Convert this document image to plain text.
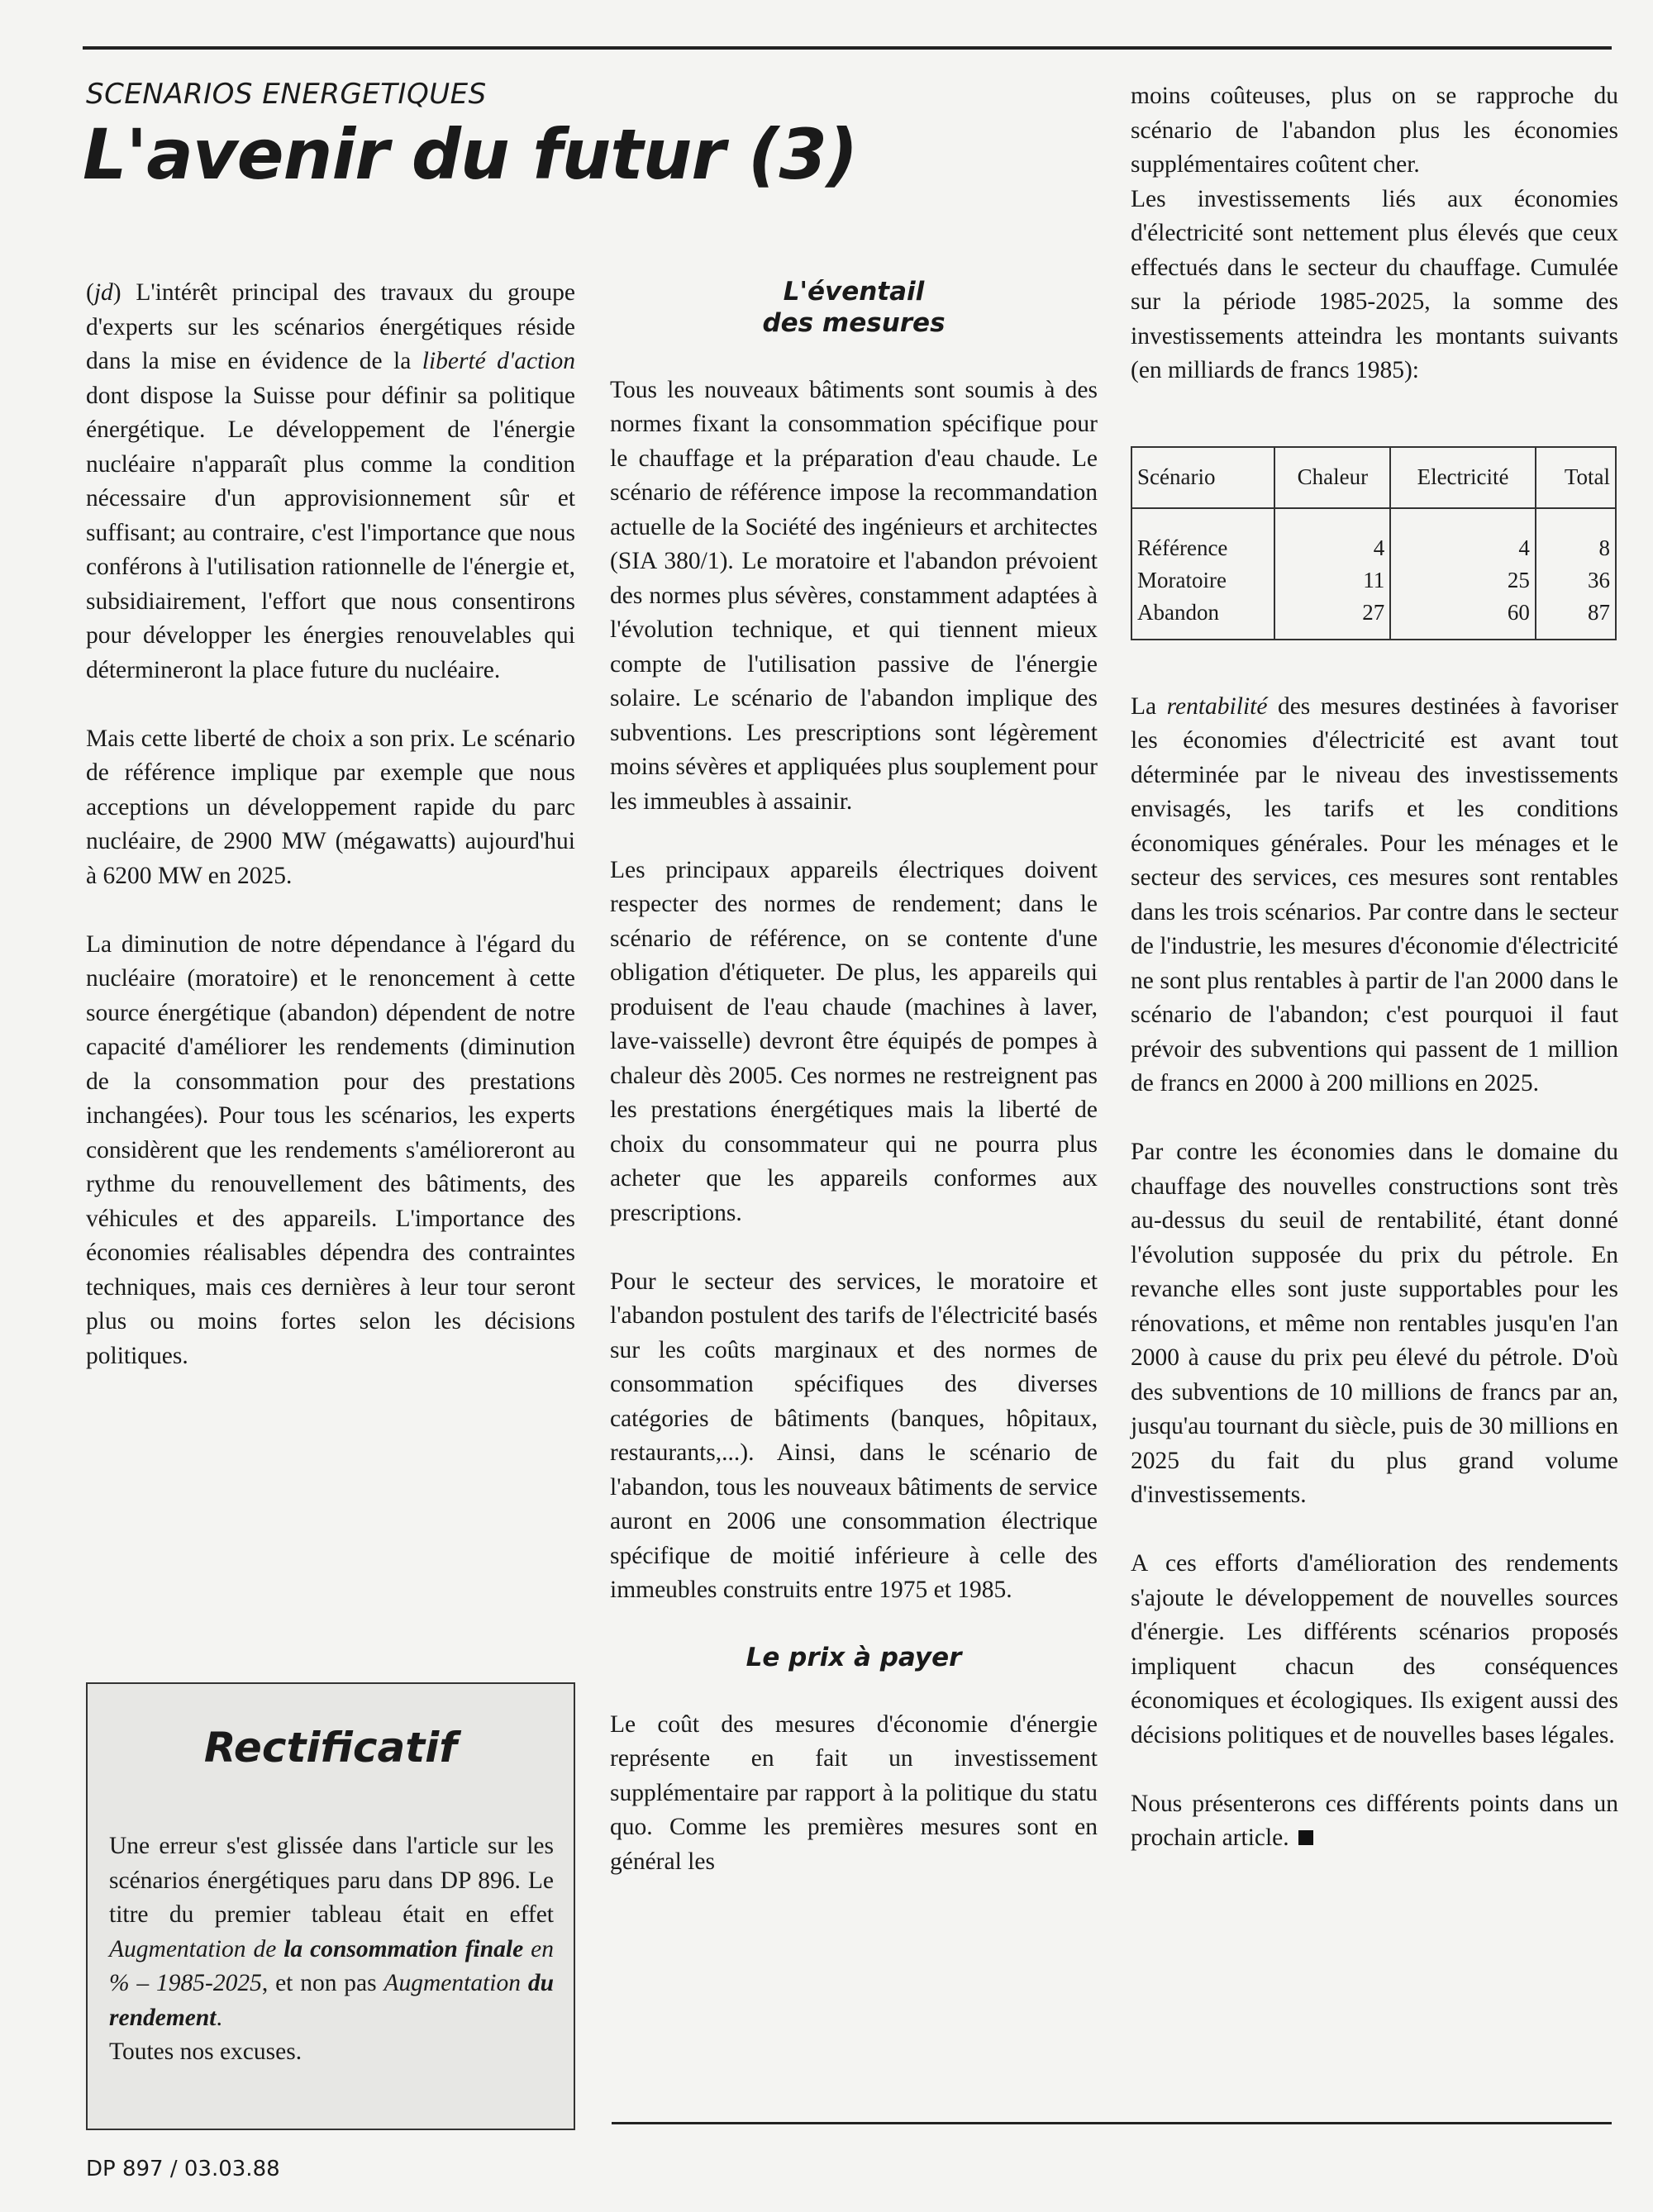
SCENARIOS ENERGETIQUES
L'avenir du futur (3)

(jd) L'intérêt principal des travaux du groupe d'experts sur les scénarios énergétiques réside dans la mise en évidence de la liberté d'action dont dispose la Suisse pour définir sa politique énergétique. Le développement de l'énergie nucléaire n'apparaît plus comme la condition nécessaire d'un approvisionnement sûr et suffisant; au contraire, c'est l'importance que nous conférons à l'utilisation rationnelle de l'énergie et, subsidiairement, l'effort que nous consentirons pour développer les énergies renouvelables qui détermineront la place future du nucléaire.

Mais cette liberté de choix a son prix. Le scénario de référence implique par exemple que nous acceptions un développement rapide du parc nucléaire, de 2900 MW (mégawatts) aujourd'hui à 6200 MW en 2025.

La diminution de notre dépendance à l'égard du nucléaire (moratoire) et le renoncement à cette source énergétique (abandon) dépendent de notre capacité d'améliorer les rendements (diminution de la consommation pour des prestations inchangées). Pour tous les scénarios, les experts considèrent que les rendements s'amélioreront au rythme du renouvellement des bâtiments, des véhicules et des appareils. L'importance des économies réalisables dépendra des contraintes techniques, mais ces dernières à leur tour seront plus ou moins fortes selon les décisions politiques.

Rectificatif
Une erreur s'est glissée dans l'article sur les scénarios énergétiques paru dans DP 896. Le titre du premier tableau était en effet Augmentation de la consommation finale en % – 1985-2025, et non pas Augmentation du rendement.
Toutes nos excuses.
L'éventail
des mesures

Tous les nouveaux bâtiments sont soumis à des normes fixant la consommation spécifique pour le chauffage et la préparation d'eau chaude. Le scénario de référence impose la recommandation actuelle de la Société des ingénieurs et architectes (SIA 380/1). Le moratoire et l'abandon prévoient des normes plus sévères, constamment adaptées à l'évolution technique, et qui tiennent mieux compte de l'utilisation passive de l'énergie solaire. Le scénario de l'abandon implique des subventions. Les prescriptions sont légèrement moins sévères et appliquées plus souplement pour les immeubles à assainir.

Les principaux appareils électriques doivent respecter des normes de rendement; dans le scénario de référence, on se contente d'une obligation d'étiqueter. De plus, les appareils qui produisent de l'eau chaude (machines à laver, lave-vaisselle) devront être équipés de pompes à chaleur dès 2005. Ces normes ne restreignent pas les prestations énergétiques mais la liberté de choix du consommateur qui ne pourra plus acheter que les appareils conformes aux prescriptions.

Pour le secteur des services, le moratoire et l'abandon postulent des tarifs de l'électricité basés sur les coûts marginaux et des normes de consommation spécifiques des diverses catégories de bâtiments (banques, hôpitaux, restaurants,...). Ainsi, dans le scénario de l'abandon, tous les nouveaux bâtiments de service auront en 2006 une consommation électrique spécifique de moitié inférieure à celle des immeubles construits entre 1975 et 1985.

Le prix à payer

Le coût des mesures d'économie d'énergie représente en fait un investissement supplémentaire par rapport à la politique du statu quo. Comme les premières mesures sont en général les

moins coûteuses, plus on se rapproche du scénario de l'abandon plus les économies supplémentaires coûtent cher.

Les investissements liés aux économies d'électricité sont nettement plus élevés que ceux effectués dans le secteur du chauffage. Cumulée sur la période 1985-2025, la somme des investissements atteindra les montants suivants (en milliards de francs 1985):

Scénario	Chaleur	Electricité	Total
Référence	4	4	8
Moratoire	11	25	36
Abandon	27	60	87

La rentabilité des mesures destinées à favoriser les économies d'électricité est avant tout déterminée par le niveau des investissements envisagés, les tarifs et les conditions économiques générales. Pour les ménages et le secteur des services, ces mesures sont rentables dans les trois scénarios. Par contre dans le secteur de l'industrie, les mesures d'économie d'électricité ne sont plus rentables à partir de l'an 2000 dans le scénario de l'abandon; c'est pourquoi il faut prévoir des subventions qui passent de 1 million de francs en 2000 à 200 millions en 2025.

Par contre les économies dans le domaine du chauffage des nouvelles constructions sont très au-dessus du seuil de rentabilité, étant donné l'évolution supposée du prix du pétrole. En revanche elles sont juste supportables pour les rénovations, et même non rentables jusqu'en l'an 2000 à cause du prix peu élevé du pétrole. D'où des subventions de 10 millions de francs par an, jusqu'au tournant du siècle, puis de 30 millions en 2025 du fait du plus grand volume d'investissements.

A ces efforts d'amélioration des rendements s'ajoute le développement de nouvelles sources d'énergie. Les différents scénarios proposés impliquent chacun des conséquences économiques et écologiques. Ils exigent aussi des décisions politiques et de nouvelles bases légales.

Nous présenterons ces différents points dans un prochain article.

DP 897 / 03.03.88
